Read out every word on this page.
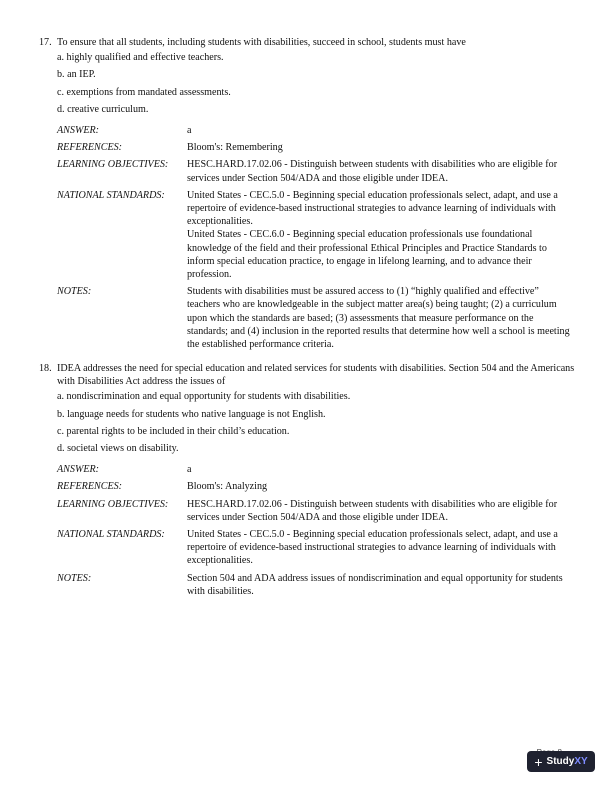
17. To ensure that all students, including students with disabilities, succeed in school, students must have
a. highly qualified and effective teachers.
b. an IEP.
c. exemptions from mandated assessments.
d. creative curriculum.
ANSWER:	a
REFERENCES:	Bloom's: Remembering
LEARNING OBJECTIVES:	HESC.HARD.17.02.06 - Distinguish between students with disabilities who are eligible for services under Section 504/ADA and those eligible under IDEA.
NATIONAL STANDARDS:	United States - CEC.5.0 - Beginning special education professionals select, adapt, and use a repertoire of evidence-based instructional strategies to advance learning of individuals with exceptionalities.

United States - CEC.6.0 - Beginning special education professionals use foundational knowledge of the field and their professional Ethical Principles and Practice Standards to inform special education practice, to engage in lifelong learning, and to advance their profession.

NOTES:	Students with disabilities must be assured access to (1) “highly qualified and effective” teachers who are knowledgeable in the subject matter area(s) being taught; (2) a curriculum upon which the standards are based; (3) assessments that measure performance on the standards; and (4) inclusion in the reported results that determine how well a school is meeting the established performance criteria.
18. IDEA addresses the need for special education and related services for students with disabilities. Section 504 and the Americans with Disabilities Act address the issues of
a. nondiscrimination and equal opportunity for students with disabilities.
b. language needs for students who native language is not English.
c. parental rights to be included in their child’s education.
d. societal views on disability.
ANSWER:	a
REFERENCES:	Bloom's: Analyzing
LEARNING OBJECTIVES:	HESC.HARD.17.02.06 - Distinguish between students with disabilities who are eligible for services under Section 504/ADA and those eligible under IDEA.
NATIONAL STANDARDS:	United States - CEC.5.0 - Beginning special education professionals select, adapt, and use a repertoire of evidence-based instructional strategies to advance learning of individuals with exceptionalities.

NOTES:	Section 504 and ADA address issues of nondiscrimination and equal opportunity for students with disabilities.
+ StudyXY
